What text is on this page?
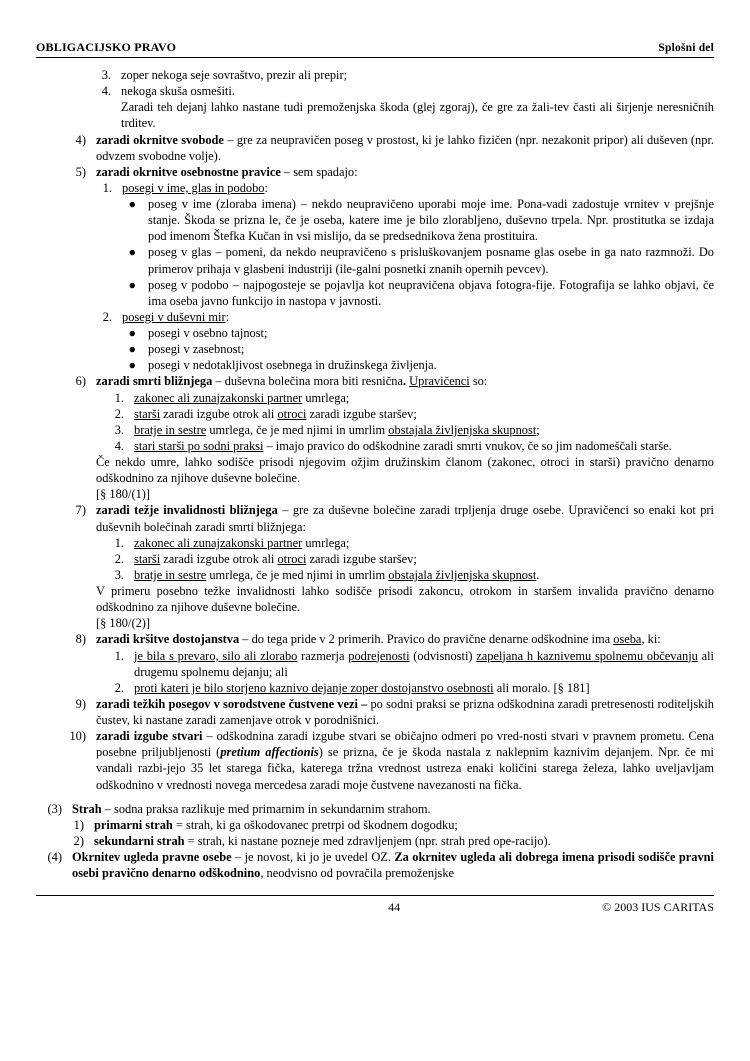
OBLIGACIJSKO PRAVO	Splošni del
3. zoper nekoga seje sovraštvo, prezir ali prepir;
4. nekoga skuša osmešiti.

Zaradi teh dejanj lahko nastane tudi premoženjska škoda (glej zgoraj), če gre za žali-tev časti ali širjenje neresničnih trditev.

4) zaradi okrnitve svobode – gre za neupravičen poseg v prostost, ki je lahko fizičen (npr. nezakonit pripor) ali duševen (npr. odvzem svobodne volje).
5) zaradi okrnitve osebnostne pravice – sem spadajo:
1. posegi v ime, glas in podobo:
● poseg v ime (zloraba imena) – nekdo neupravičeno uporabi moje ime. Pona-vadi zadostuje vrnitev v prejšnje stanje. Škoda se prizna le, če je oseba, katere ime je bilo zlorabljeno, duševno trpela. Npr. prostitutka se izdaja pod imenom Štefka Kučan in vsi mislijo, da se predsednikova žena prostituira.
● poseg v glas – pomeni, da nekdo neupravičeno s prisluškovanjem posname glas osebe in ga nato razmnoži. Do primerov prihaja v glasbeni industriji (ile-galni posnetki znanih opernih pevcev).
● poseg v podobo – najpogosteje se pojavlja kot neupravičena objava fotogra-fije. Fotografija se lahko objavi, če ima oseba javno funkcijo in nastopa v javnosti.
2. posegi v duševni mir:
● posegi v osebno tajnost;
● posegi v zasebnost;
● posegi v nedotakljivost osebnega in družinskega življenja.
6) zaradi smrti bližnjega – duševna bolečina mora biti resnična. Upravičenci so:
1. zakonec ali zunajzakonski partner umrlega;
2. starši zaradi izgube otrok ali otroci zaradi izgube staršev;
3. bratje in sestre umrlega, če je med njimi in umrlim obstajala življenjska skupnost;
4. stari starši po sodni praksi – imajo pravico do odškodnine zaradi smrti vnukov, če so jim nadomeščali starše.

Če nekdo umre, lahko sodišče prisodi njegovim ožjim družinskim članom (zakonec, otroci in starši) pravično denarno odškodnino za njihove duševne bolečine.

[§ 180/(1)]

7) zaradi težje invalidnosti bližnjega – gre za duševne bolečine zaradi trpljenja druge osebe. Upravičenci so enaki kot pri duševnih bolečinah zaradi smrti bližnjega:
1. zakonec ali zunajzakonski partner umrlega;
2. starši zaradi izgube otrok ali otroci zaradi izgube staršev;
3. bratje in sestre umrlega, če je med njimi in umrlim obstajala življenjska skupnost.

V primeru posebno težke invalidnosti lahko sodišče prisodi zakoncu, otrokom in staršem invalida pravično denarno odškodnino za njihove duševne bolečine.

[§ 180/(2)]

8) zaradi kršitve dostojanstva – do tega pride v 2 primerih. Pravico do pravične denarne odškodnine ima oseba, ki:
1. je bila s prevaro, silo ali zlorabo razmerja podrejenosti (odvisnosti) zapeljana h kaznivemu spolnemu občevanju ali drugemu spolnemu dejanju; ali
2. proti kateri je bilo storjeno kaznivo dejanje zoper dostojanstvo osebnosti ali moralo. [§ 181]
9) zaradi težkih posegov v sorodstvene čustvene vezi – po sodni praksi se prizna odškodnina zaradi pretresenosti roditeljskih čustev, ki nastane zaradi zamenjave otrok v porodnišnici.
10) zaradi izgube stvari – odškodnina zaradi izgube stvari se običajno odmeri po vred-nosti stvari v pravnem prometu. Cena posebne priljubljenosti (pretium affectionis) se prizna, če je škoda nastala z naklepnim kaznivim dejanjem. Npr. če mi vandali razbi-jejo 35 let starega fička, katerega tržna vrednost ustreza enaki količini starega železa, lahko uveljavljam odškodnino v vrednosti novega mercedesa zaradi moje čustvene navezanosti na fička.
(3) Strah – sodna praksa razlikuje med primarnim in sekundarnim strahom.
1) primarni strah = strah, ki ga oškodovanec pretrpi od škodnem dogodku;
2) sekundarni strah = strah, ki nastane pozneje med zdravljenjem (npr. strah pred ope-racijo).
(4) Okrnitev ugleda pravne osebe – je novost, ki jo je uvedel OZ. Za okrnitev ugleda ali dobrega imena prisodi sodišče pravni osebi pravično denarno odškodnino, neodvisno od povračila premoženjske
44	© 2003 IUS CARITAS
